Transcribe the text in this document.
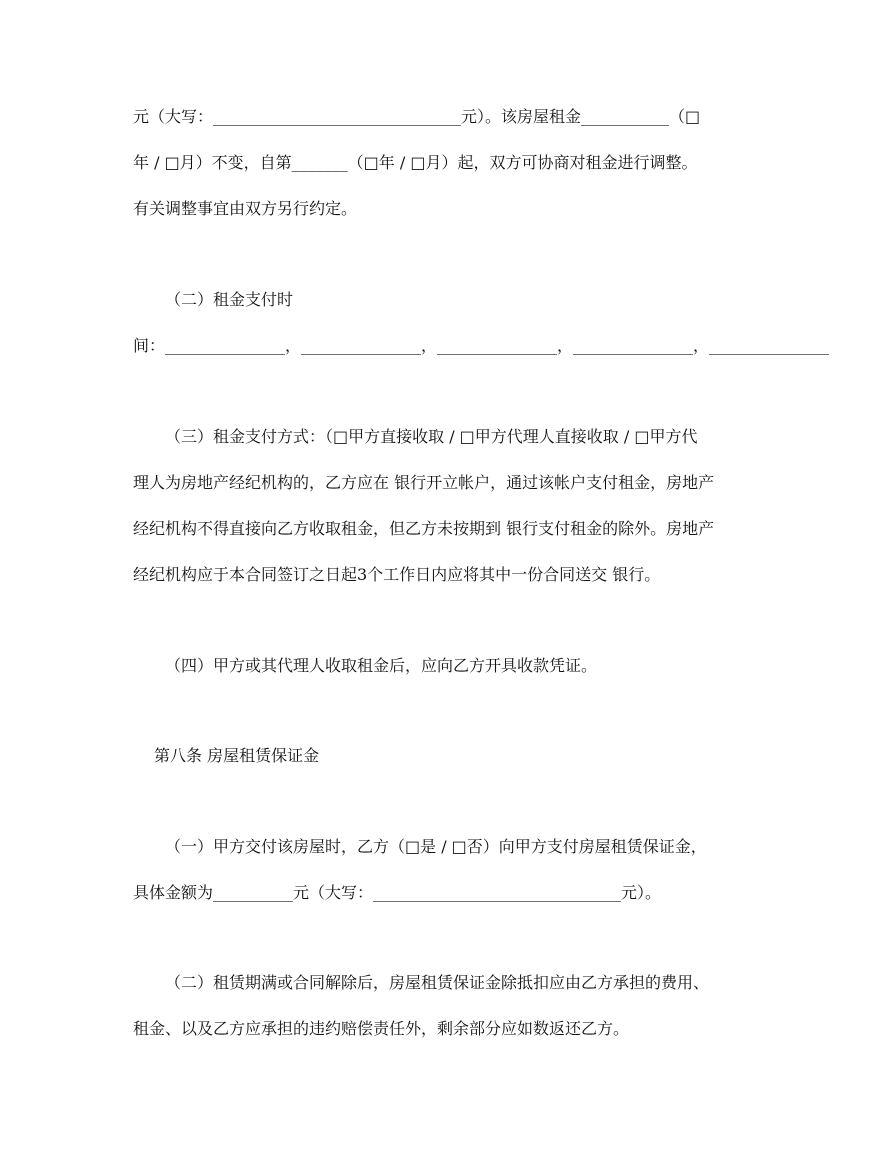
元（大写：_______________________________元）。该房屋租金___________（□
年 / □月）不变，自第_______（□年 / □月）起，双方可协商对租金进行调整。
有关调整事宜由双方另行约定。
（二）租金支付时
间：_______________，_______________，_______________，_______________，_______________
（三）租金支付方式：（□甲方直接收取 / □甲方代理人直接收取 / □甲方代
理人为房地产经纪机构的，乙方应在 银行开立帐户，通过该帐户支付租金，房地产
经纪机构不得直接向乙方收取租金，但乙方未按期到 银行支付租金的除外。房地产
经纪机构应于本合同签订之日起3个工作日内应将其中一份合同送交 银行。
（四）甲方或其代理人收取租金后，应向乙方开具收款凭证。
第八条 房屋租赁保证金
（一）甲方交付该房屋时，乙方（□是 / □否）向甲方支付房屋租赁保证金，
具体金额为__________元（大写：_______________________________元）。
（二）租赁期满或合同解除后，房屋租赁保证金除抵扣应由乙方承担的费用、
租金、以及乙方应承担的违约赔偿责任外，剩余部分应如数返还乙方。
